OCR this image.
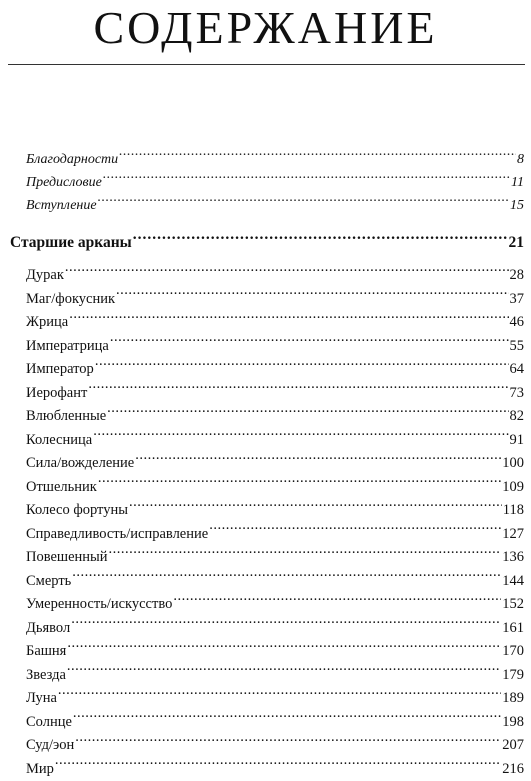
СОДЕРЖАНИЕ
Благодарности .....	8
Предисловие .....	11
Вступление .....	15
Старшие арканы .....	21
Дурак .....	28
Маг/фокусник .....	37
Жрица .....	46
Императрица .....	55
Император .....	64
Иерофант .....	73
Влюбленные .....	82
Колесница .....	91
Сила/вожделение .....	100
Отшельник .....	109
Колесо фортуны .....	118
Справедливость/исправление .....	127
Повешенный .....	136
Смерть .....	144
Умеренность/искусство .....	152
Дьявол .....	161
Башня .....	170
Звезда .....	179
Луна .....	189
Солнце .....	198
Суд/эон .....	207
Мир .....	216
